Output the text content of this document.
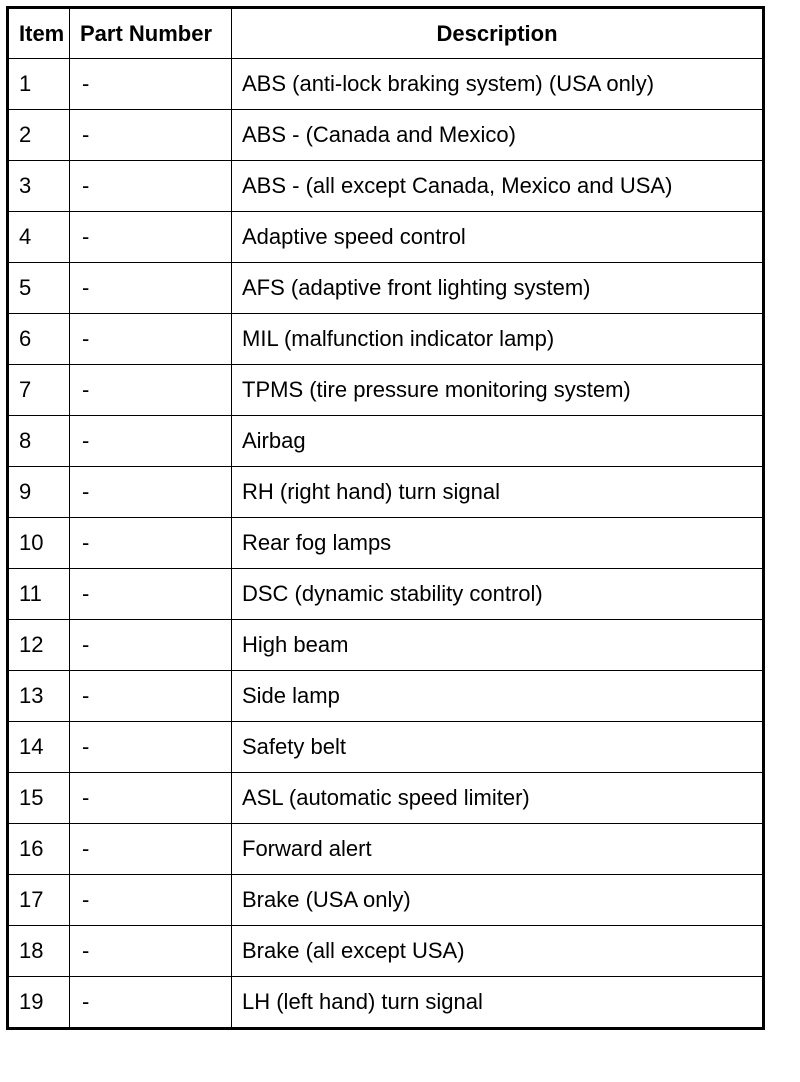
Item	Part Number	Description
1	-	ABS (anti-lock braking system) (USA only)
2	-	ABS - (Canada and Mexico)
3	-	ABS - (all except Canada, Mexico and USA)
4	-	Adaptive speed control
5	-	AFS (adaptive front lighting system)
6	-	MIL (malfunction indicator lamp)
7	-	TPMS (tire pressure monitoring system)
8	-	Airbag
9	-	RH (right hand) turn signal
10	-	Rear fog lamps
11	-	DSC (dynamic stability control)
12	-	High beam
13	-	Side lamp
14	-	Safety belt
15	-	ASL (automatic speed limiter)
16	-	Forward alert
17	-	Brake (USA only)
18	-	Brake (all except USA)
19	-	LH (left hand) turn signal
